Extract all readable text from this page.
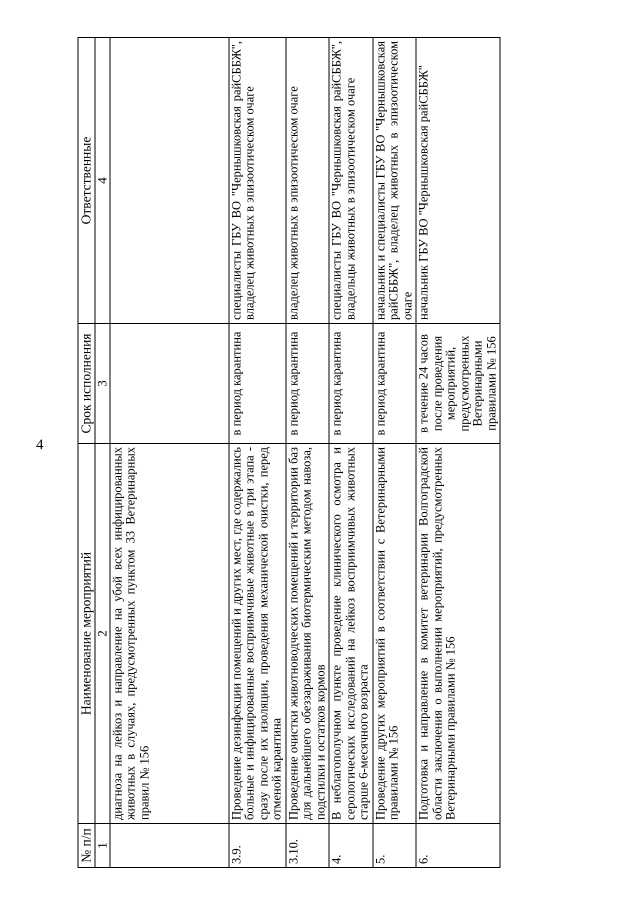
4
№ п/п	Наименование мероприятий	Срок исполнения	Ответственные
1	2	3	4
	диагноза на лейкоз и направление на убой всех инфицированных животных в случаях, предусмотренных пунктом 33 Ветеринарных правил № 156		
3.9.	Проведение дезинфекции помещений и других мест, где содержались больные и инфицированные восприимчивые животные в три этапа - сразу после их изоляции, проведения механической очистки, перед отменой карантина	в период карантина	специалисты ГБУ ВО "Чернышковская райСББЖ", владелец животных в эпизоотическом очаге
3.10.	Проведение очистки животноводческих помещений и территории баз для дальнейшего обеззараживания биотермическим методом навоза, подстилки и остатков кормов	в период карантина	владелец животных в эпизоотическом очаге
4.	В неблагополучном пункте проведение клинического осмотра и серологических исследований на лейкоз восприимчивых животных старше 6-месячного возраста	в период карантина	специалисты ГБУ ВО "Чернышковская райСББЖ", владельцы животных в эпизоотическом очаге
5.	Проведение других мероприятий в соответствии с Ветеринарными правилами № 156	в период карантина	начальник и специалисты ГБУ ВО "Чернышковская райСББЖ", владелец животных в эпизоотическом очаге
6.	Подготовка и направление в комитет ветеринарии Волгоградской области заключения о выполнении мероприятий, предусмотренных Ветеринарными правилами № 156	в течение 24 часов после проведения мероприятий, предусмотренных Ветеринарными правилами № 156	начальник ГБУ ВО "Чернышковская райСББЖ"
